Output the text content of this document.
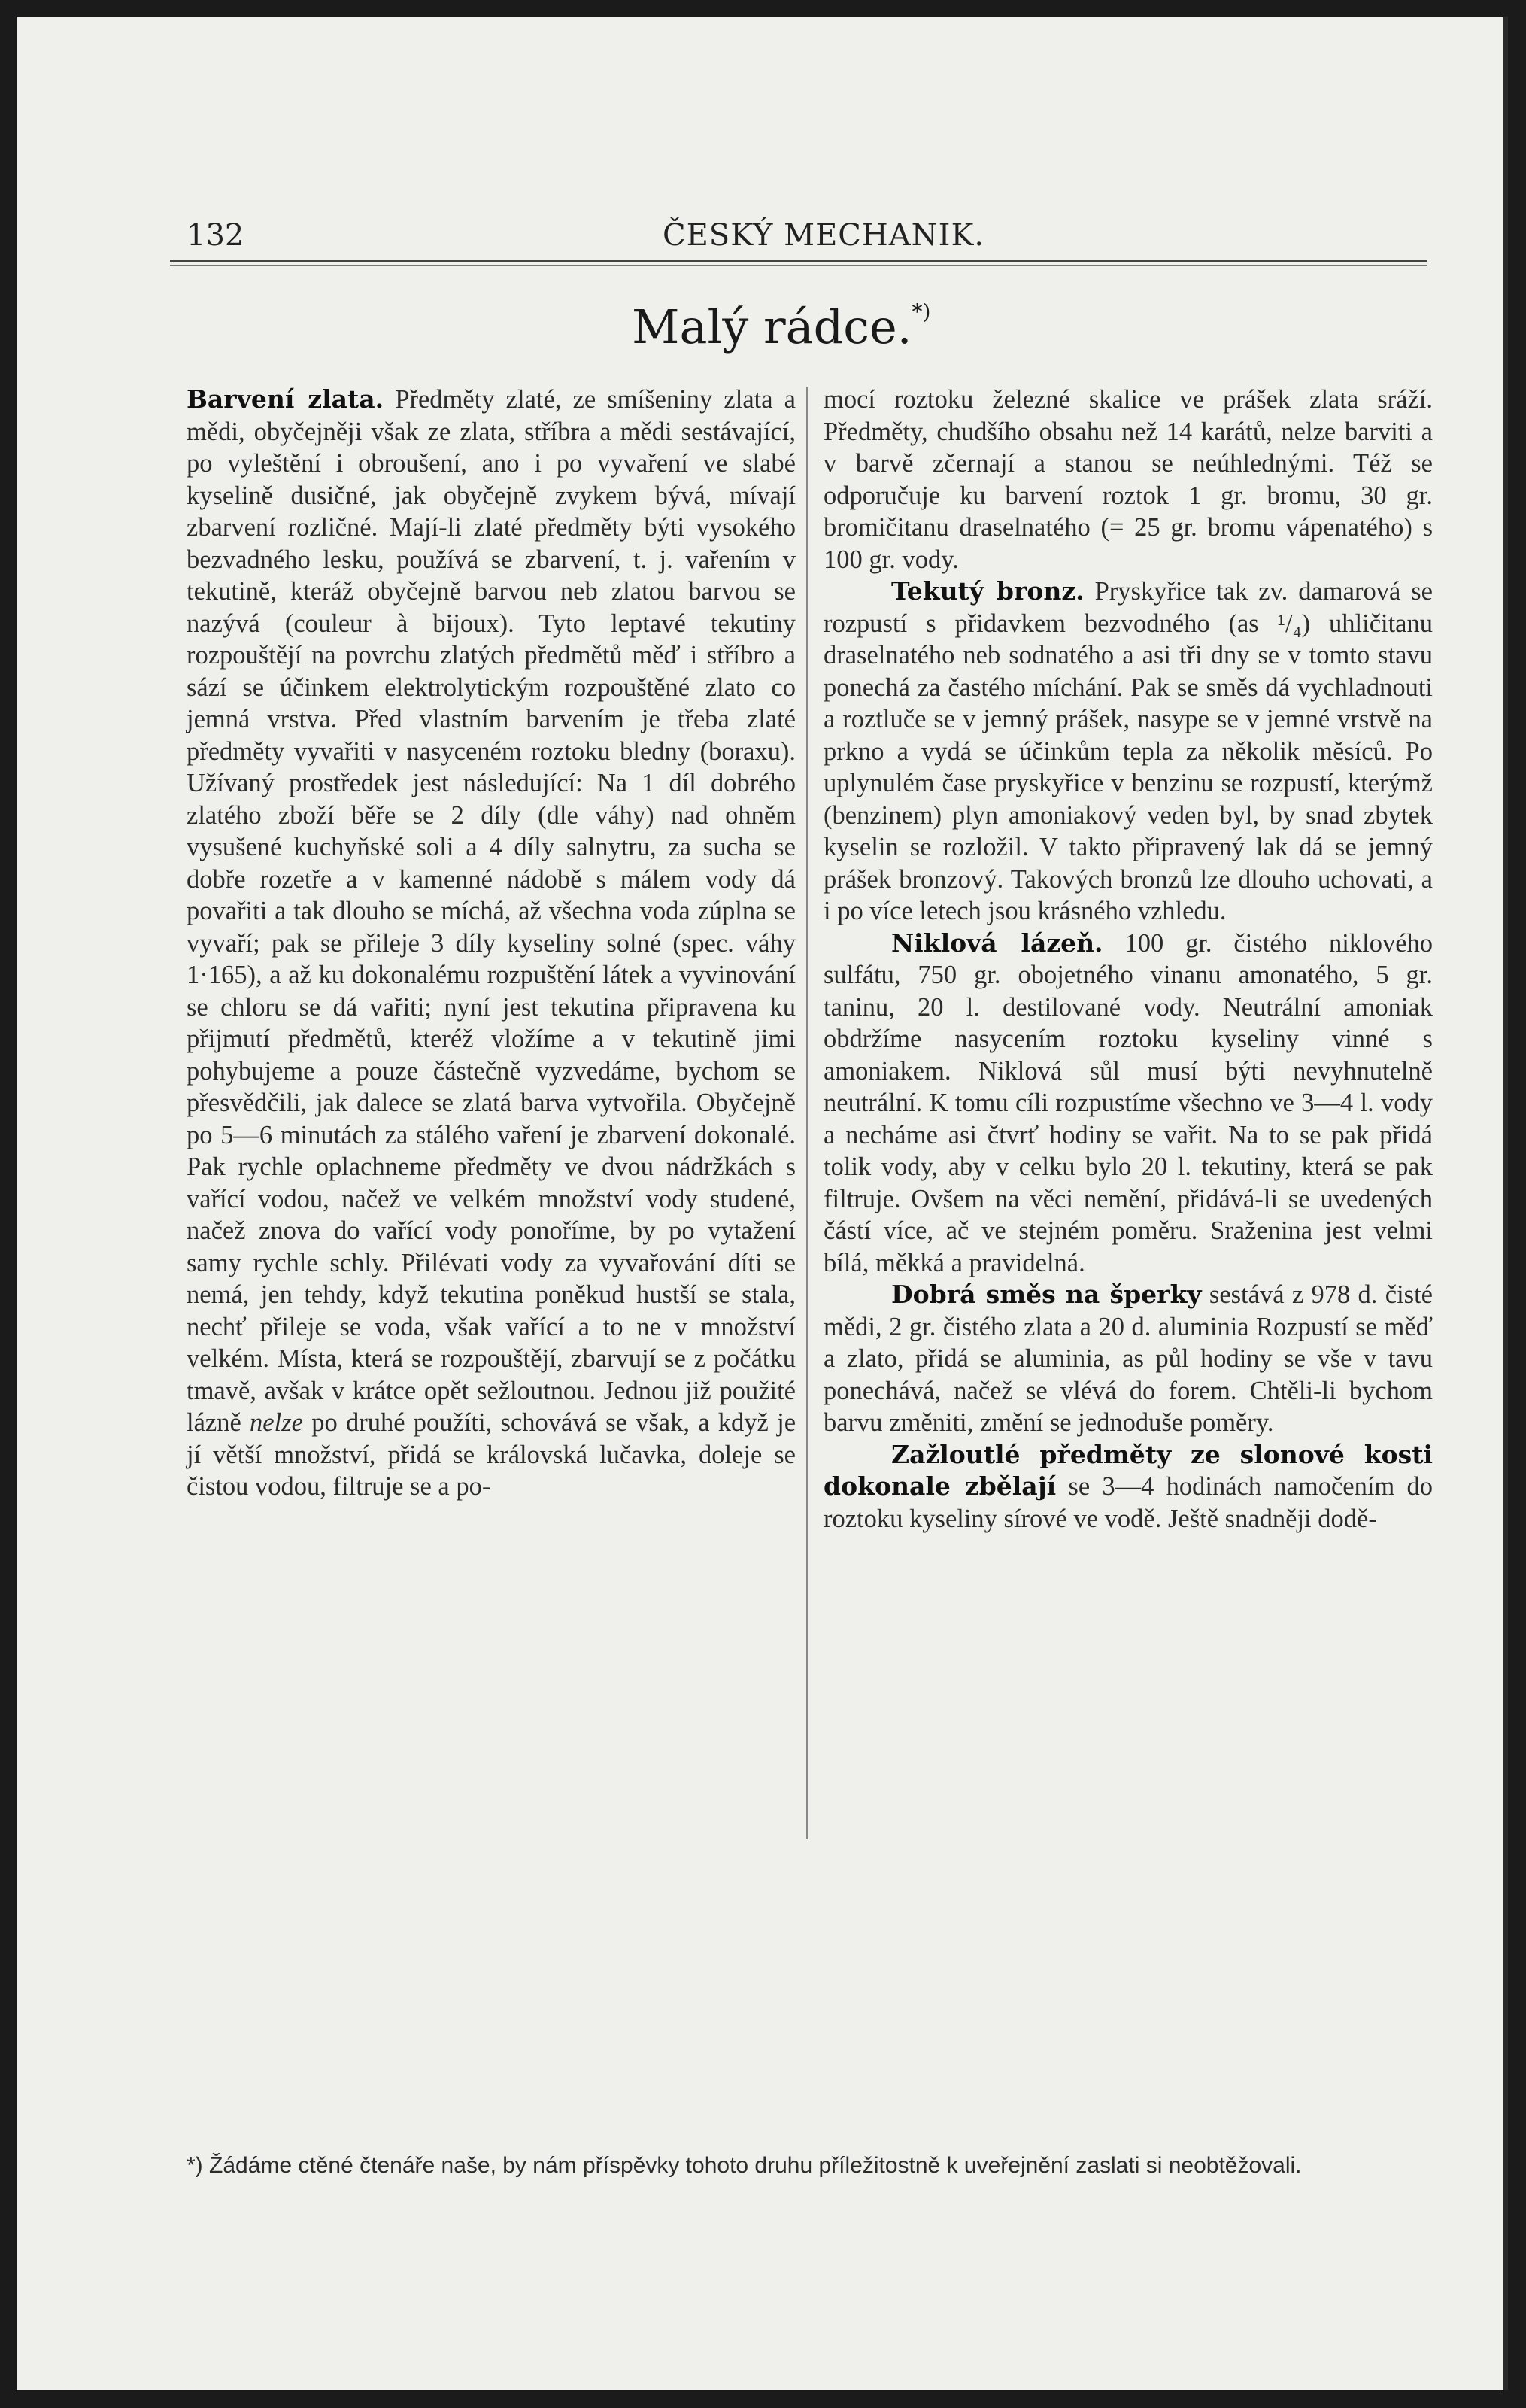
132	ČESKÝ MECHANIK.
Malý rádce.*)

Barvení zlata. Předměty zlaté, ze smíšeniny zlata a mědi, obyčejněji však ze zlata, stříbra a mědi sestávající, po vyleštění i obroušení, ano i po vyvaření ve slabé kyselině dusičné, jak obyčejně zvykem bývá, mívají zbarvení rozličné. Mají-li zlaté předměty býti vysokého bezvadného lesku, používá se zbarvení, t. j. vařením v tekutině, kteráž obyčejně barvou neb zlatou barvou se nazývá (couleur à bijoux). Tyto leptavé tekutiny rozpouštějí na povrchu zlatých předmětů měď i stříbro a sází se účinkem elektrolytickým rozpouštěné zlato co jemná vrstva. Před vlastním barvením je třeba zlaté předměty vyvařiti v nasyceném roztoku bledny (boraxu). Užívaný prostředek jest následující: Na 1 díl dobrého zlatého zboží běře se 2 díly (dle váhy) nad ohněm vysušené kuchyňské soli a 4 díly salnytru, za sucha se dobře rozetře a v kamenné nádobě s málem vody dá povařiti a tak dlouho se míchá, až všechna voda zúplna se vyvaří; pak se přileje 3 díly kyseliny solné (spec. váhy 1·165), a až ku dokonalému rozpuštění látek a vyvinování se chloru se dá vařiti; nyní jest tekutina připravena ku přijmutí předmětů, kteréž vložíme a v tekutině jimi pohybujeme a pouze částečně vyzvedáme, bychom se přesvědčili, jak dalece se zlatá barva vytvořila. Obyčejně po 5—6 minutách za stálého vaření je zbarvení dokonalé. Pak rychle oplachneme předměty ve dvou nádržkách s vařící vodou, načež ve velkém množství vody studené, načež znova do vařící vody ponoříme, by po vytažení samy rychle schly. Přilévati vody za vyvařování díti se nemá, jen tehdy, když tekutina poněkud hustší se stala, nechť přileje se voda, však vařící a to ne v množství velkém. Místa, která se rozpouštějí, zbarvují se z počátku tmavě, avšak v krátce opět sežloutnou. Jednou již použité lázně nelze po druhé použíti, schovává se však, a když je jí větší množství, přidá se královská lučavka, doleje se čistou vodou, filtruje se a po-

mocí roztoku železné skalice ve prášek zlata sráží. Předměty, chudšího obsahu než 14 karátů, nelze barviti a v barvě zčernají a stanou se neúhlednými. Též se odporučuje ku barvení roztok 1 gr. bromu, 30 gr. bromičitanu draselnatého (= 25 gr. bromu vápenatého) s 100 gr. vody.

Tekutý bronz. Pryskyřice tak zv. damarová se rozpustí s přidavkem bezvodného (as ¹/₄) uhličitanu draselnatého neb sodnatého a asi tři dny se v tomto stavu ponechá za častého míchání. Pak se směs dá vychladnouti a roztluče se v jemný prášek, nasype se v jemné vrstvě na prkno a vydá se účinkům tepla za několik měsíců. Po uplynulém čase pryskyřice v benzinu se rozpustí, kterýmž (benzinem) plyn amoniakový veden byl, by snad zbytek kyselin se rozložil. V takto připravený lak dá se jemný prášek bronzový. Takových bronzů lze dlouho uchovati, a i po více letech jsou krásného vzhledu.

Niklová lázeň. 100 gr. čistého niklového sulfátu, 750 gr. obojetného vinanu amonatého, 5 gr. taninu, 20 l. destilované vody. Neutrální amoniak obdržíme nasycením roztoku kyseliny vinné s amoniakem. Niklová sůl musí býti nevyhnutelně neutrální. K tomu cíli rozpustíme všechno ve 3—4 l. vody a necháme asi čtvrť hodiny se vařit. Na to se pak přidá tolik vody, aby v celku bylo 20 l. tekutiny, která se pak filtruje. Ovšem na věci nemění, přidává-li se uvedených částí více, ač ve stejném poměru. Sraženina jest velmi bílá, měkká a pravidelná.

Dobrá směs na šperky sestává z 978 d. čisté mědi, 2 gr. čistého zlata a 20 d. aluminia Rozpustí se měď a zlato, přidá se aluminia, as půl hodiny se vše v tavu ponechává, načež se vlévá do forem. Chtěli-li bychom barvu změniti, změní se jednoduše poměry.

Zažloutlé předměty ze slonové kosti dokonale zbělají se 3—4 hodinách namočením do roztoku kyseliny sírové ve vodě. Ještě snadněji dodě-

*) Žádáme ctěné čtenáře naše, by nám příspěvky tohoto druhu příležitostně k uveřejnění zaslati si neobtěžovali.
